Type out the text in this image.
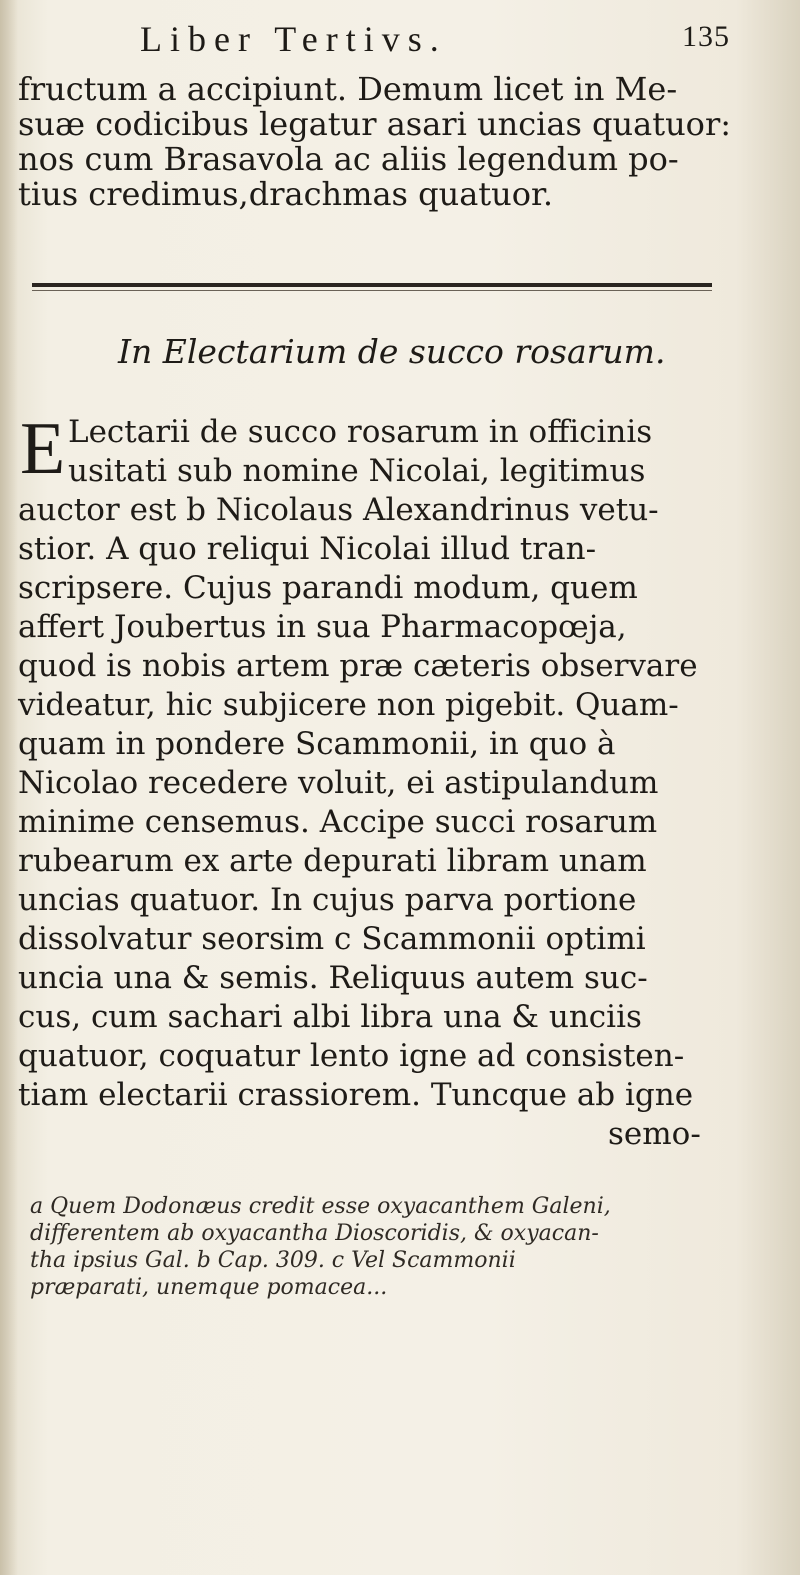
Liber Tertivs.	135
fructum a accipiunt. Demum licet in Me-
suæ codicibus legatur asari uncias quatuor:
nos cum Brasavola ac aliis legendum po-
tius credimus,drachmas quatuor.
In Electarium de succo rosarum.
E Lectarii de succo rosarum in officinis
usitati sub nomine Nicolai, legitimus
auctor est b Nicolaus Alexandrinus vetu-
stior. A quo reliqui Nicolai illud tran-
scripsere. Cujus parandi modum, quem
affert Joubertus in sua Pharmacopœja,
quod is nobis artem præ cæteris observare
videatur, hic subjicere non pigebit. Quam-
quam in pondere Scammonii, in quo à
Nicolao recedere voluit, ei astipulandum
minime censemus. Accipe succi rosarum
rubearum ex arte depurati libram unam
uncias quatuor. In cujus parva portione
dissolvatur seorsim c Scammonii optimi
uncia una & semis. Reliquus autem suc-
cus, cum sachari albi libra una & unciis
quatuor, coquatur lento igne ad consisten-
tiam electarii crassiorem. Tuncque ab igne
semo-
a Quem Dodonæus credit esse oxyacanthem Galeni,
differentem ab oxyacantha Dioscoridis, & oxyacan-
tha ipsius Gal. b Cap. 309. c Vel Scammonii
præparati, unemque pomacea...
